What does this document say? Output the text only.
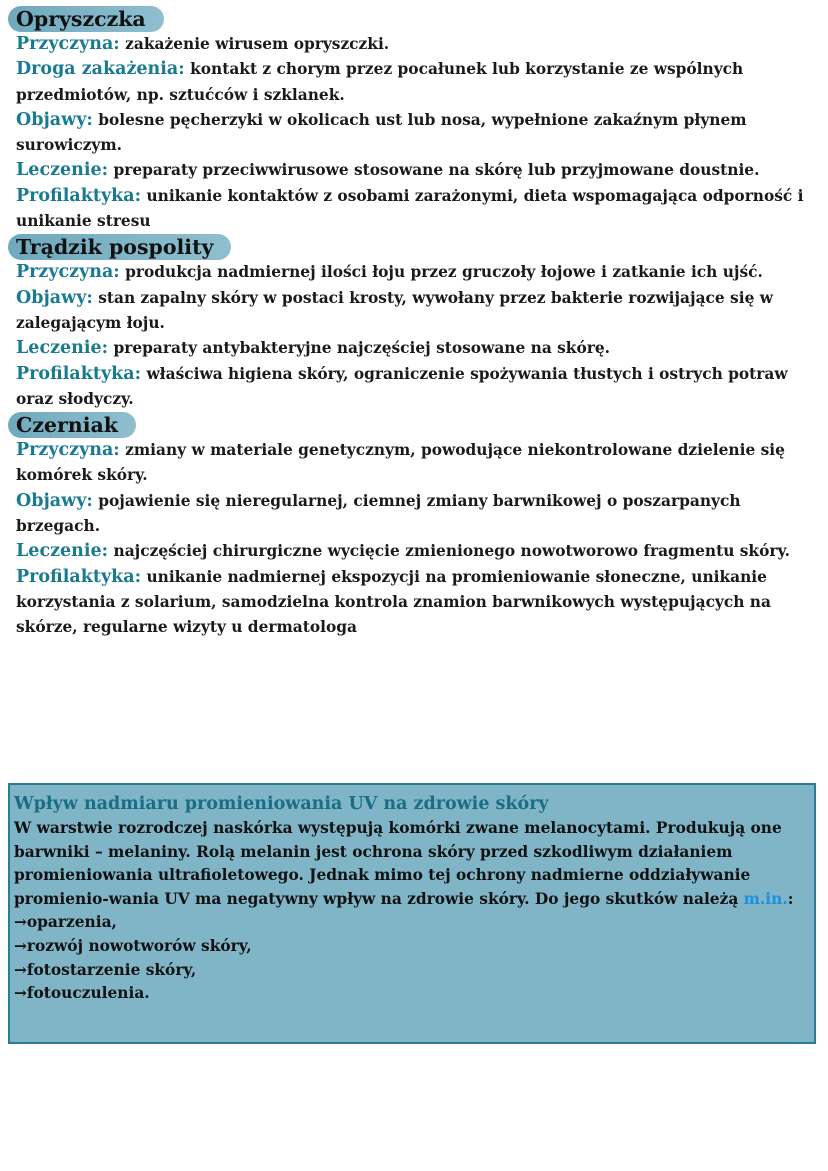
Opryszczka

Przyczyna: zakażenie wirusem opryszczki.

Droga zakażenia: kontakt z chorym przez pocałunek lub korzystanie ze wspólnych przedmiotów, np. sztućców i szklanek.

Objawy: bolesne pęcherzyki w okolicach ust lub nosa, wypełnione zakaźnym płynem surowiczym.

Leczenie: preparaty przeciwwirusowe stosowane na skórę lub przyjmowane doustnie.

Profilaktyka: unikanie kontaktów z osobami zarażonymi, dieta wspomagająca odporność i unikanie stresu

Trądzik pospolity

Przyczyna: produkcja nadmiernej ilości łoju przez gruczoły łojowe i zatkanie ich ujść.

Objawy: stan zapalny skóry w postaci krosty, wywołany przez bakterie rozwijające się w zalegającym łoju.

Leczenie: preparaty antybakteryjne najczęściej stosowane na skórę.

Profilaktyka: właściwa higiena skóry, ograniczenie spożywania tłustych i ostrych potraw oraz słodyczy.

Czerniak

Przyczyna: zmiany w materiale genetycznym, powodujące niekontrolowane dzielenie się komórek skóry.

Objawy: pojawienie się nieregularnej, ciemnej zmiany barwnikowej o poszarpanych brzegach.

Leczenie: najczęściej chirurgiczne wycięcie zmienionego nowotworowo fragmentu skóry.

Profilaktyka: unikanie nadmiernej ekspozycji na promieniowanie słoneczne, unikanie korzystania z solarium, samodzielna kontrola znamion barwnikowych występujących na skórze, regularne wizyty u dermatologa

Wpływ nadmiaru promieniowania UV na zdrowie skóry

W warstwie rozrodczej naskórka występują komórki zwane melanocytami. Produkują one barwniki – melaniny. Rolą melanin jest ochrona skóry przed szkodliwym działaniem promieniowania ultrafioletowego. Jednak mimo tej ochrony nadmierne oddziaływanie promienio-wania UV ma negatywny wpływ na zdrowie skóry. Do jego skutków należą m.in.:

→oparzenia,

→rozwój nowotworów skóry,

→fotostarzenie skóry,

→fotouczulenia.
